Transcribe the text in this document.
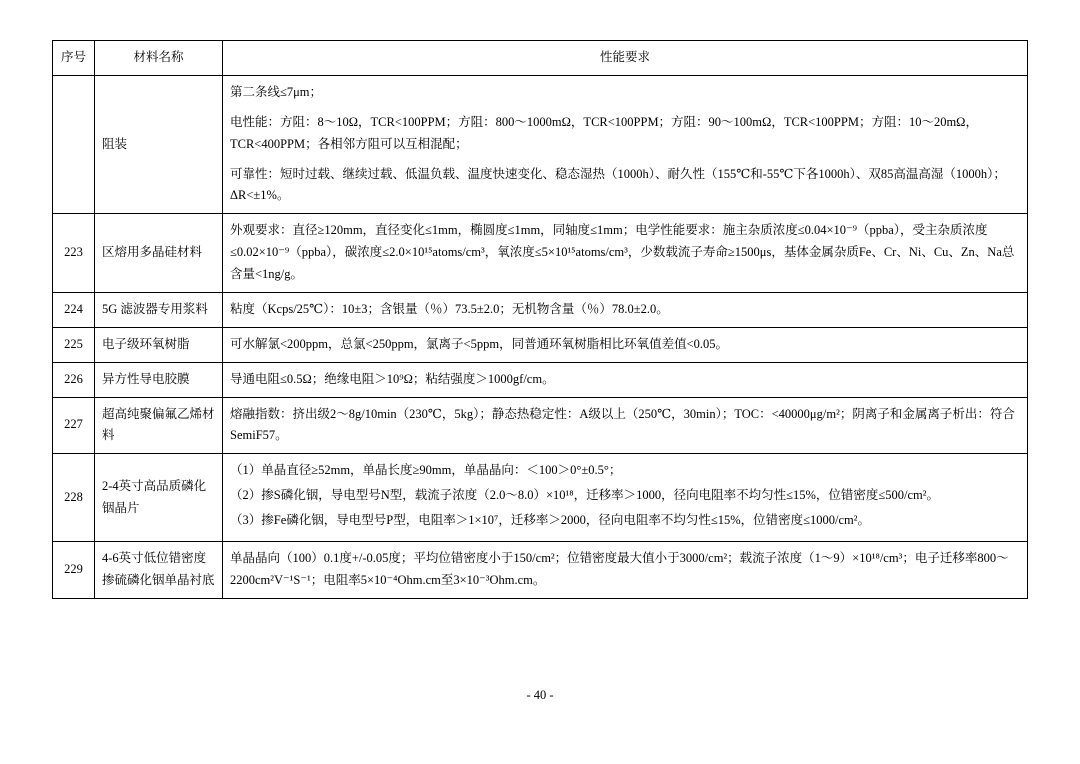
序号	材料名称	性能要求
	阻装	第二条线≤7μm；

电性能：方阻：8～10Ω，TCR<100PPM；方阻：800～1000mΩ，TCR<100PPM；方阻：90～100mΩ，TCR<100PPM；方阻：10～20mΩ，TCR<400PPM；各相邻方阻可以互相混配；

可靠性：短时过载、继续过载、低温负载、温度快速变化、稳态湿热（1000h）、耐久性（155℃和-55℃下各1000h）、双85高温高湿（1000h）；ΔR<±1%。

223	区熔用多晶硅材料	外观要求：直径≥120mm，直径变化≤1mm，椭圆度≤1mm，同轴度≤1mm；电学性能要求：施主杂质浓度≤0.04×10⁻⁹（ppba），受主杂质浓度≤0.02×10⁻⁹（ppba），碳浓度≤2.0×10¹⁵atoms/cm³，氧浓度≤5×10¹⁵atoms/cm³，少数载流子寿命≥1500μs，基体金属杂质Fe、Cr、Ni、Cu、Zn、Na总含量<1ng/g。

224	5G 滤波器专用浆料	粘度（Kcps/25℃）：10±3；含银量（％）73.5±2.0；无机物含量（％）78.0±2.0。

225	电子级环氧树脂	可水解氯<200ppm，总氯<250ppm，氯离子<5ppm，同普通环氧树脂相比环氧值差值<0.05。

226	异方性导电胶膜	导通电阻≤0.5Ω；绝缘电阻＞10⁹Ω；粘结强度＞1000gf/cm。

227	超高纯聚偏氟乙烯材料	熔融指数：挤出级2～8g/10min（230℃，5kg）；静态热稳定性：A级以上（250℃，30min）；TOC：<40000μg/m²；阴离子和金属离子析出：符合SemiF57。

228	2-4英寸高品质磷化铟晶片	（1）单晶直径≥52mm，单晶长度≥90mm，单晶晶向：＜100＞0°±0.5°；

（2）掺S磷化铟，导电型号N型，载流子浓度（2.0～8.0）×10¹⁸，迁移率＞1000，径向电阻率不均匀性≤15%，位错密度≤500/cm²。

（3）掺Fe磷化铟，导电型号P型，电阻率＞1×10⁷，迁移率＞2000，径向电阻率不均匀性≤15%，位错密度≤1000/cm²。

229	4-6英寸低位错密度掺硫磷化铟单晶衬底	单晶晶向（100）0.1度+/-0.05度；平均位错密度小于150/cm²；位错密度最大值小于3000/cm²；载流子浓度（1～9）×10¹⁸/cm³；电子迁移率800～2200cm²V⁻¹S⁻¹；电阻率5×10⁻⁴Ohm.cm至3×10⁻³Ohm.cm。

- 40 -
